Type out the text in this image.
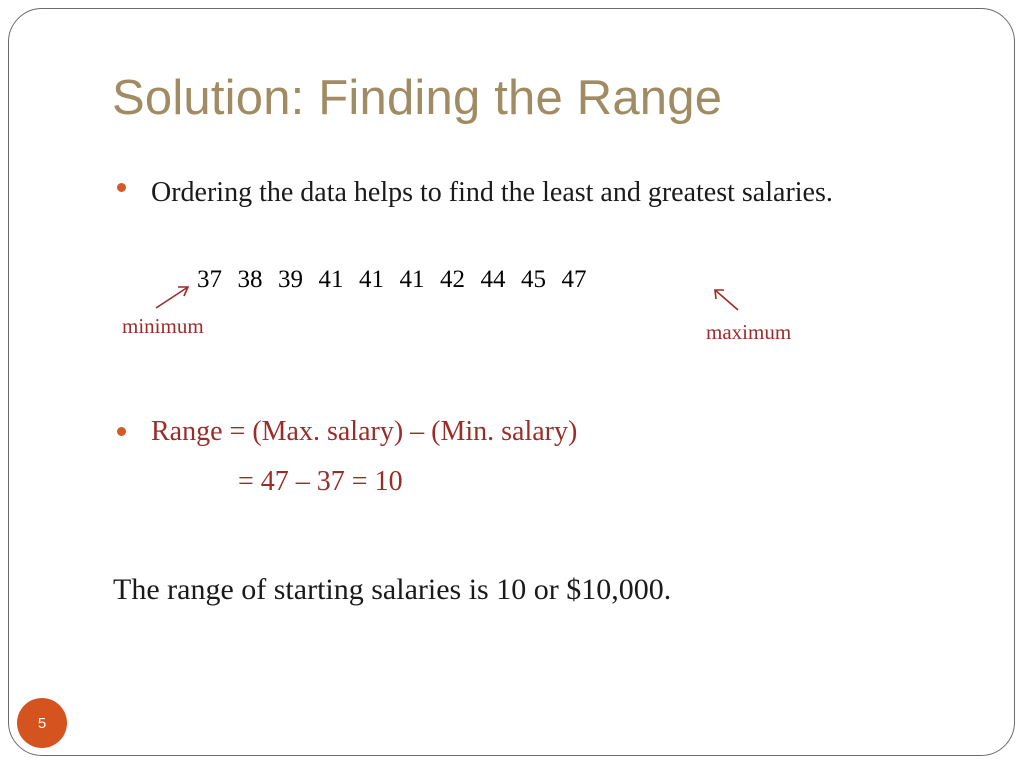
Solution: Finding the Range
Ordering the data helps to find the least and greatest salaries.
37 38 39 41 41 41 42 44 45 47
minimum	maximum
Range = (Max. salary) – (Min. salary)
= 47 – 37 = 10
The range of starting salaries is 10 or $10,000.
5
